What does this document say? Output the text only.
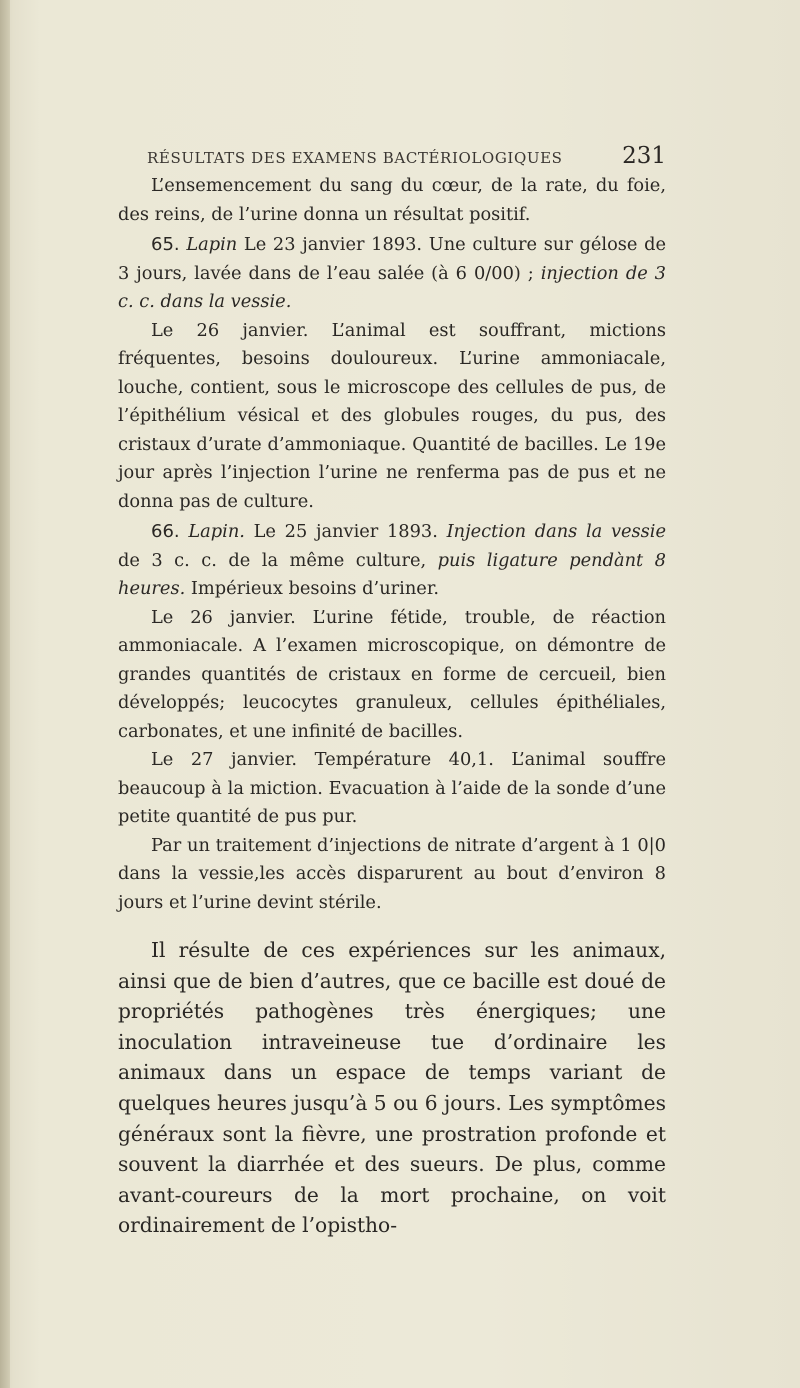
RÉSULTATS DES EXAMENS BACTÉRIOLOGIQUES	231

L’ensemencement du sang du cœur, de la rate, du foie, des reins, de l’urine donna un résultat positif.

65. Lapin Le 23 janvier 1893. Une culture sur gélose de 3 jours, lavée dans de l’eau salée (à 6 0/00) ; injection de 3 c. c. dans la vessie.

Le 26 janvier. L’animal est souffrant, mictions fréquentes, besoins douloureux. L’urine ammoniacale, louche, contient, sous le microscope des cellules de pus, de l’épithélium vésical et des globules rouges, du pus, des cristaux d’urate d’ammoniaque. Quantité de bacilles. Le 19e jour après l’injection l’urine ne renferma pas de pus et ne donna pas de culture.

66. Lapin. Le 25 janvier 1893. Injection dans la vessie de 3 c. c. de la même culture, puis ligature pendànt 8 heures. Impérieux besoins d’uriner.

Le 26 janvier. L’urine fétide, trouble, de réaction ammoniacale. A l’examen microscopique, on démontre de grandes quantités de cristaux en forme de cercueil, bien développés; leucocytes granuleux, cellules épithéliales, carbonates, et une infinité de bacilles.

Le 27 janvier. Température 40,1. L’animal souffre beaucoup à la miction. Evacuation à l’aide de la sonde d’une petite quantité de pus pur.

Par un traitement d’injections de nitrate d’argent à 1 0|0 dans la vessie,les accès disparurent au bout d’environ 8 jours et l’urine devint stérile.

Il résulte de ces expériences sur les animaux, ainsi que de bien d’autres, que ce bacille est doué de propriétés pathogènes très énergiques; une inoculation intraveineuse tue d’ordinaire les animaux dans un espace de temps variant de quelques heures jusqu’à 5 ou 6 jours. Les symptômes généraux sont la fièvre, une prostration profonde et souvent la diarrhée et des sueurs. De plus, comme avant-coureurs de la mort prochaine, on voit ordinairement de l’opistho-
